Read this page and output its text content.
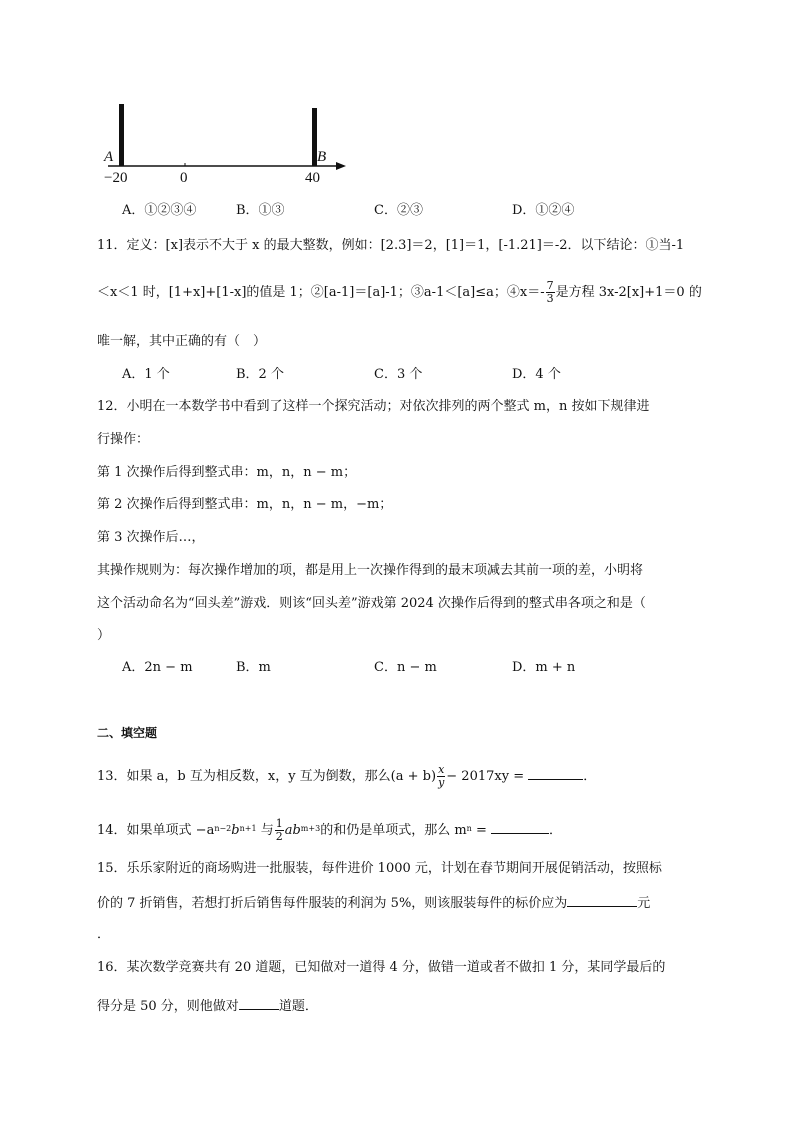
A	B
−20	0	40
A．①②③④	B．①③	C．②③	D．①②④
11．定义：[x]表示不大于 x 的最大整数，例如：[2.3]＝2，[1]＝1，[-1.21]＝-2．以下结论：①当-1
＜x＜1 时，[1+x]+[1-x]的值是 1；②[a-1]＝[a]-1；③a-1＜[a]≤a；④x＝- $\frac{7}{3}$ 是方程 3x-2[x]+1＝0 的
唯一解，其中正确的有（　）
A．1 个	B．2 个	C．3 个	D．4 个
12．小明在一本数学书中看到了这样一个探究活动；对依次排列的两个整式 m，n 按如下规律进
行操作：
第 1 次操作后得到整式串：m，n，n − m；
第 2 次操作后得到整式串：m，n，n − m，−m；
第 3 次操作后…，
其操作规则为：每次操作增加的项，都是用上一次操作得到的最末项减去其前一项的差，小明将
这个活动命名为“回头差”游戏．则该“回头差”游戏第 2024 次操作后得到的整式串各项之和是（
）
A．2n − m	B．m	C．n − m	D．m + n
二、填空题
13．如果 a，b 互为相反数，x，y 互为倒数，那么$(a + b) \frac{x}{y} - 2017xy$ =	．
14．如果单项式 $-a^{n-2}b^{n+1}$ 与 $\frac{1}{2} ab^{m+3}$的和仍是单项式，那么 $m^n$ =	．
15．乐乐家附近的商场购进一批服装，每件进价 1000 元，计划在春节期间开展促销活动，按照标
价的 7 折销售，若想打折后销售每件服装的利润为 5%，则该服装每件的标价应为	元
．
16．某次数学竞赛共有 20 道题，已知做对一道得 4 分，做错一道或者不做扣 1 分，某同学最后的
得分是 50 分，则他做对	道题．
